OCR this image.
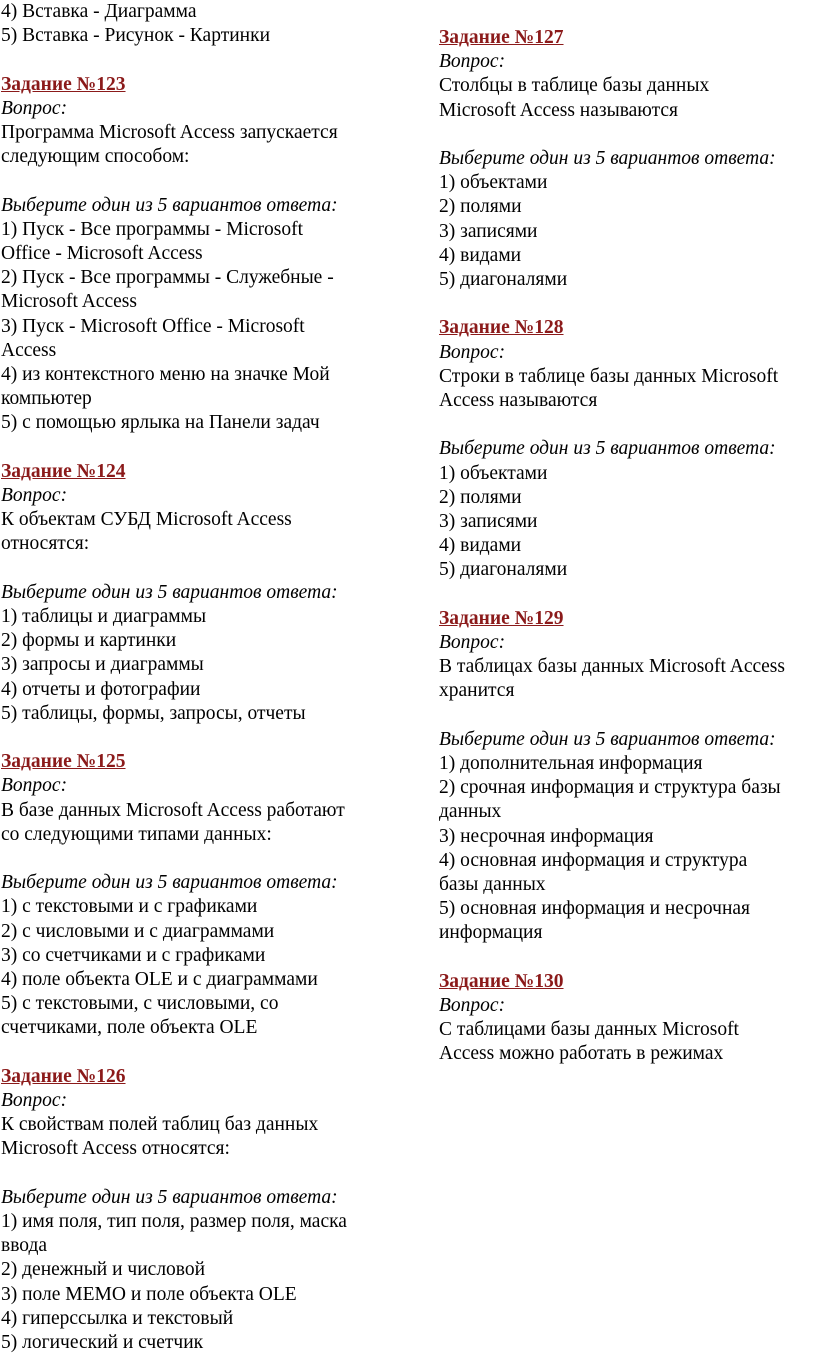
4) Вставка - Диаграмма
5) Вставка - Рисунок - Картинки
Задание №123
Вопрос:
Программа Microsoft Access запускается
следующим способом:
Выберите один из 5 вариантов ответа:
1) Пуск - Все программы - Microsoft
Office - Microsoft Access
2) Пуск - Все программы - Служебные -
Microsoft Access
3) Пуск - Microsoft Office - Microsoft
Access
4) из контекстного меню на значке Мой
компьютер
5) с помощью ярлыка на Панели задач
Задание №124
Вопрос:
К объектам СУБД Microsoft Access
относятся:
Выберите один из 5 вариантов ответа:
1) таблицы и диаграммы
2) формы и картинки
3) запросы и диаграммы
4) отчеты и фотографии
5) таблицы, формы, запросы, отчеты
Задание №125
Вопрос:
В базе данных Microsoft Access работают
со следующими типами данных:
Выберите один из 5 вариантов ответа:
1) с текстовыми и с графиками
2) с числовыми и с диаграммами
3) со счетчиками и с графиками
4) поле объекта OLE и с диаграммами
5) с текстовыми, с числовыми, со
счетчиками, поле объекта OLE
Задание №126
Вопрос:
К свойствам полей таблиц баз данных
Microsoft Access относятся:
Выберите один из 5 вариантов ответа:
1) имя поля, тип поля, размер поля, маска
ввода
2) денежный и числовой
3) поле MEMO и поле объекта OLE
4) гиперссылка и текстовый
5) логический и счетчик
Задание №127
Вопрос:
Столбцы в таблице базы данных
Microsoft Access называются
Выберите один из 5 вариантов ответа:
1) объектами
2) полями
3) записями
4) видами
5) диагоналями
Задание №128
Вопрос:
Строки в таблице базы данных Microsoft
Access называются
Выберите один из 5 вариантов ответа:
1) объектами
2) полями
3) записями
4) видами
5) диагоналями
Задание №129
Вопрос:
В таблицах базы данных Microsoft Access
хранится
Выберите один из 5 вариантов ответа:
1) дополнительная информация
2) срочная информация и структура базы
данных
3) несрочная информация
4) основная информация и структура
базы данных
5) основная информация и несрочная
информация
Задание №130
Вопрос:
С таблицами базы данных Microsoft
Access можно работать в режимах
